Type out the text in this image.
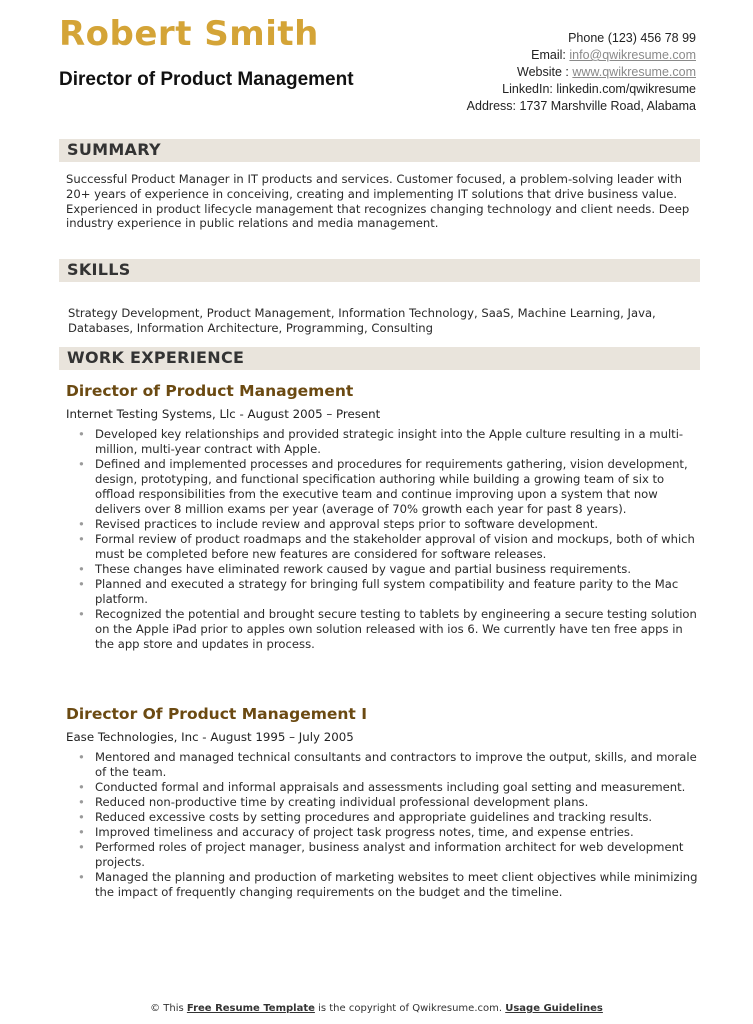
Robert Smith
Director of Product Management
Phone (123) 456 78 99
Email: info@qwikresume.com
Website : www.qwikresume.com
LinkedIn: linkedin.com/qwikresume
Address: 1737 Marshville Road, Alabama
SUMMARY
Successful Product Manager in IT products and services. Customer focused, a problem-solving leader with 20+ years of experience in conceiving, creating and implementing IT solutions that drive business value. Experienced in product lifecycle management that recognizes changing technology and client needs. Deep industry experience in public relations and media management.
SKILLS
Strategy Development, Product Management, Information Technology, SaaS, Machine Learning, Java, Databases, Information Architecture, Programming, Consulting
WORK EXPERIENCE
Director of Product Management
Internet Testing Systems, Llc - August 2005 – Present
• Developed key relationships and provided strategic insight into the Apple culture resulting in a multi-million, multi-year contract with Apple.
• Defined and implemented processes and procedures for requirements gathering, vision development, design, prototyping, and functional specification authoring while building a growing team of six to offload responsibilities from the executive team and continue improving upon a system that now delivers over 8 million exams per year (average of 70% growth each year for past 8 years).
• Revised practices to include review and approval steps prior to software development.
• Formal review of product roadmaps and the stakeholder approval of vision and mockups, both of which must be completed before new features are considered for software releases.
• These changes have eliminated rework caused by vague and partial business requirements.
• Planned and executed a strategy for bringing full system compatibility and feature parity to the Mac platform.
• Recognized the potential and brought secure testing to tablets by engineering a secure testing solution on the Apple iPad prior to apples own solution released with ios 6. We currently have ten free apps in the app store and updates in process.
Director Of Product Management I
Ease Technologies, Inc - August 1995 – July 2005
• Mentored and managed technical consultants and contractors to improve the output, skills, and morale of the team.
• Conducted formal and informal appraisals and assessments including goal setting and measurement.
• Reduced non-productive time by creating individual professional development plans.
• Reduced excessive costs by setting procedures and appropriate guidelines and tracking results.
• Improved timeliness and accuracy of project task progress notes, time, and expense entries.
• Performed roles of project manager, business analyst and information architect for web development projects.
• Managed the planning and production of marketing websites to meet client objectives while minimizing the impact of frequently changing requirements on the budget and the timeline.
© This Free Resume Template is the copyright of Qwikresume.com. Usage Guidelines
